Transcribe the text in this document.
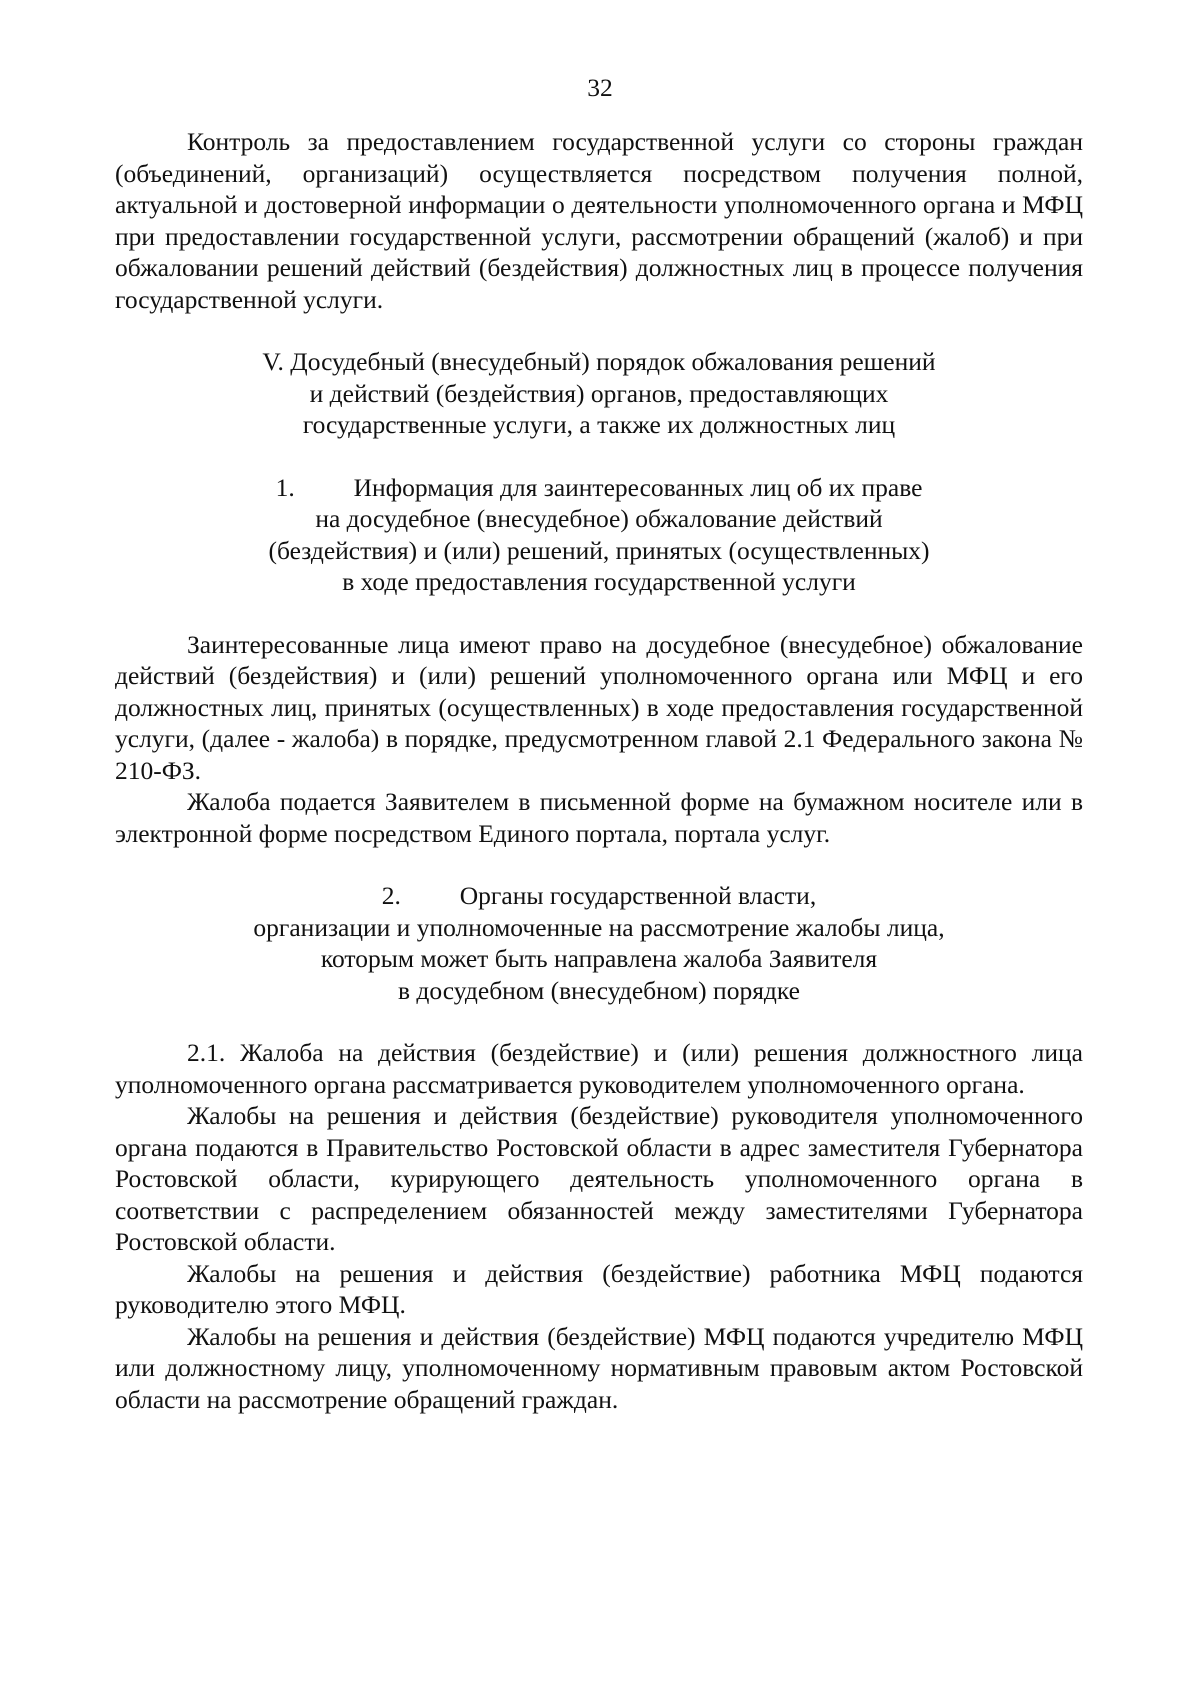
32

Контроль за предоставлением государственной услуги со стороны граждан (объединений, организаций) осуществляется посредством получения полной, актуальной и достоверной информации о деятельности уполномоченного органа и МФЦ при предоставлении государственной услуги, рассмотрении обращений (жалоб) и при обжаловании решений действий (бездействия) должностных лиц в процессе получения государственной услуги.

V. Досудебный (внесудебный) порядок обжалования решений

и действий (бездействия) органов, предоставляющих

государственные услуги, а также их должностных лиц

1. Информация для заинтересованных лиц об их праве

на досудебное (внесудебное) обжалование действий

(бездействия) и (или) решений, принятых (осуществленных)

в ходе предоставления государственной услуги

Заинтересованные лица имеют право на досудебное (внесудебное) обжалование действий (бездействия) и (или) решений уполномоченного органа или МФЦ и его должностных лиц, принятых (осуществленных) в ходе предоставления государственной услуги, (далее - жалоба) в порядке, предусмотренном главой 2.1 Федерального закона № 210-ФЗ.

Жалоба подается Заявителем в письменной форме на бумажном носителе или в электронной форме посредством Единого портала, портала услуг.

2. Органы государственной власти,

организации и уполномоченные на рассмотрение жалобы лица,

которым может быть направлена жалоба Заявителя

в досудебном (внесудебном) порядке

2.1. Жалоба на действия (бездействие) и (или) решения должностного лица уполномоченного органа рассматривается руководителем уполномоченного органа.

Жалобы на решения и действия (бездействие) руководителя уполномоченного органа подаются в Правительство Ростовской области в адрес заместителя Губернатора Ростовской области, курирующего деятельность уполномоченного органа в соответствии с распределением обязанностей между заместителями Губернатора Ростовской области.

Жалобы на решения и действия (бездействие) работника МФЦ подаются руководителю этого МФЦ.

Жалобы на решения и действия (бездействие) МФЦ подаются учредителю МФЦ или должностному лицу, уполномоченному нормативным правовым актом Ростовской области на рассмотрение обращений граждан.
